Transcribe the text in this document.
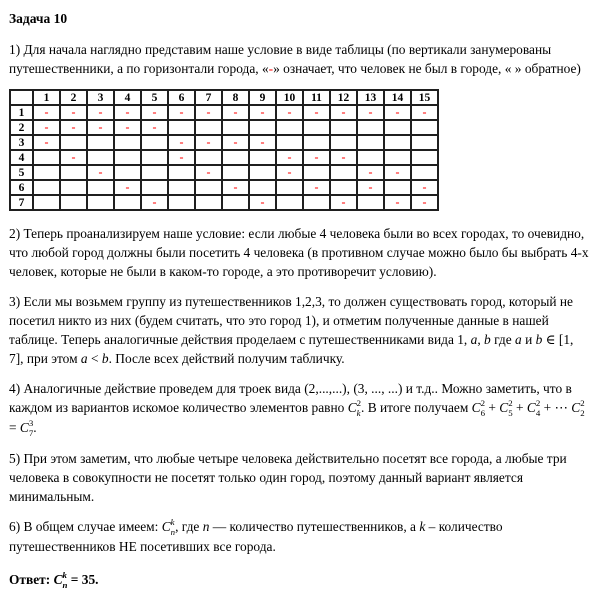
Задача 10

1) Для начала наглядно представим наше условие в виде таблицы (по вертикали занумерованы путешественники, а по горизонтали города, «-» означает, что человек не был в городе, « » обратное)

	1	2	3	4	5	6	7	8	9	10	11	12	13	14	15
1	-	-	-	-	-	-	-	-	-	-	-	-	-	-	-
2	-	-	-	-	-										
3	-					-	-	-	-						
4		-				-				-	-	-			
5			-				-			-			-	-	
6				-				-			-		-		-
7					-				-			-		-	-

2) Теперь проанализируем наше условие: если любые 4 человека были во всех городах, то очевидно, что любой город должны были посетить 4 человека (в противном случае можно было бы выбрать 4-х человек, которые не были в каком-то городе, а это противоречит условию).

3) Если мы возьмем группу из путешественников 1,2,3, то должен существовать город, который не посетил никто из них (будем считать, что это город 1), и отметим полученные данные в нашей таблице. Теперь аналогичные действия проделаем с путешественниками вида 1, a, b где a и b ∈ [1, 7], при этом a < b. После всех действий получим табличку.

4) Аналогичные действие проведем для троек вида (2,...,...), (3, ..., ...) и т.д.. Можно заметить, что в каждом из вариантов искомое количество элементов равно C 2
k . В итоге получаем C 2
6 + C 2
5 + C 2
4 + ⋯ C 2
2
= C 3
7 .

5) При этом заметим, что любые четыре человека действительно посетят все города, а любые три человека в совокупности не посетят только один город, поэтому данный вариант является минимальным.

6) В общем случае имеем: C k
n , где n — количество путешественников, а k – количество путешественников НЕ посетивших все города.

Ответ: C k
n = 35.
